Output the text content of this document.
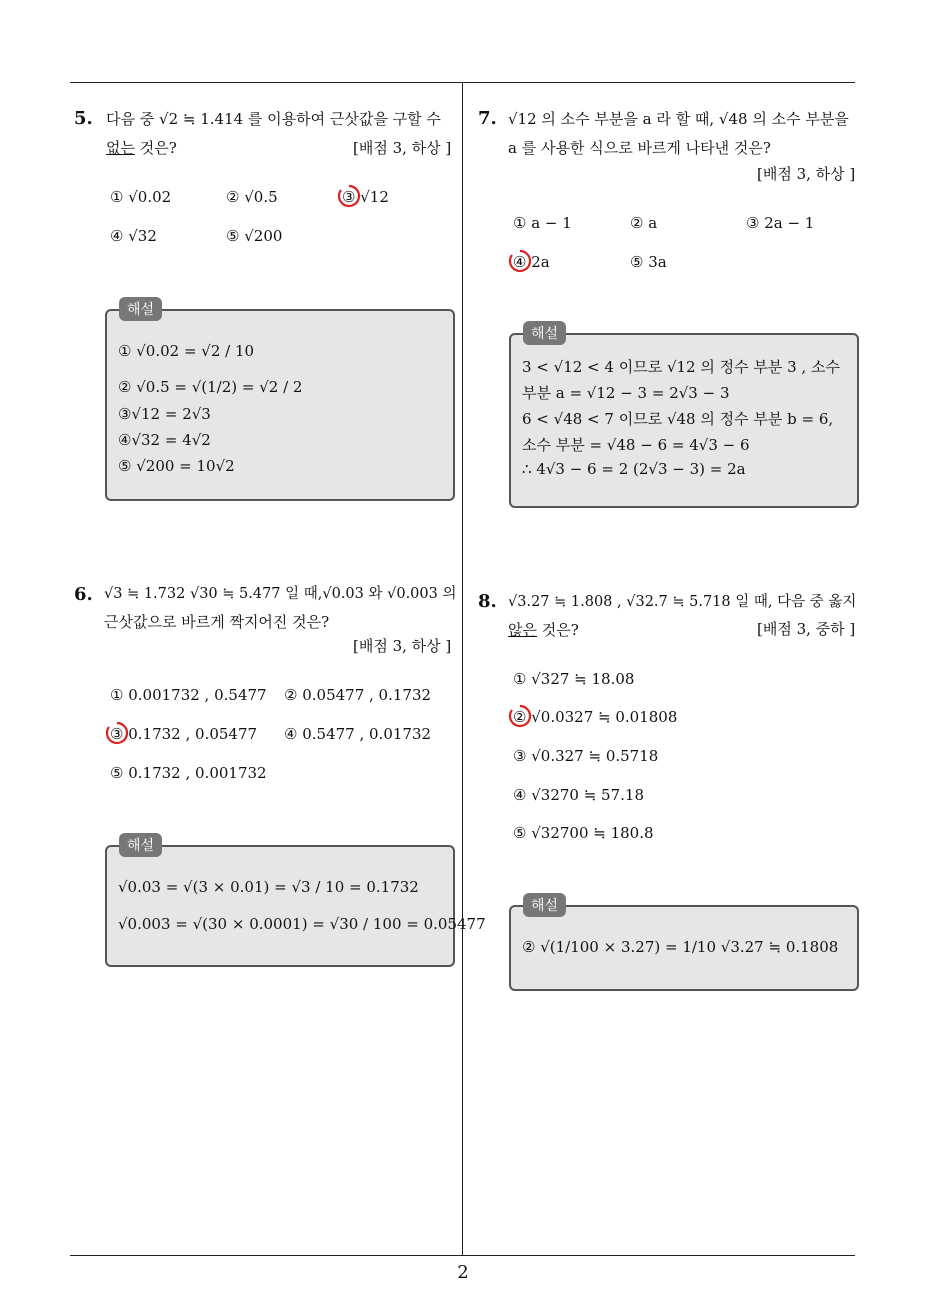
2
5. 다음 중 √2 ≒ 1.414 를 이용하여 근삿값을 구할 수
없는 것은?	[배점 3, 하상 ]
① √0.02	② √0.5	③ √12
④ √32	⑤ √200
해설
① √0.02 = √2 / 10
② √0.5 = √(1/2) = √2 / 2
③√12 = 2√3
④√32 = 4√2
⑤ √200 = 10√2
6. √3 ≒ 1.732 √30 ≒ 5.477 일 때,√0.03 와 √0.003 의
근삿값으로 바르게 짝지어진 것은?
[배점 3, 하상 ]
① 0.001732 , 0.5477 ② 0.05477 , 0.1732
③ 0.1732 , 0.05477 ④ 0.5477 , 0.01732
⑤ 0.1732 , 0.001732
해설
√0.03 = √(3 × 0.01) = √3 / 10 = 0.1732
√0.003 = √(30 × 0.0001) = √30 / 100 = 0.05477
7. √12 의 소수 부분을 a 라 할 때, √48 의 소수 부분을
a 를 사용한 식으로 바르게 나타낸 것은?
[배점 3, 하상 ]
① a − 1	② a	③ 2a − 1
④ 2a	⑤ 3a
해설
3 < √12 < 4 이므로 √12 의 정수 부분 3 , 소수
부분 a = √12 − 3 = 2√3 − 3
6 < √48 < 7 이므로 √48 의 정수 부분 b = 6,
소수 부분 = √48 − 6 = 4√3 − 6
∴ 4√3 − 6 = 2 (2√3 − 3) = 2a
8. √3.27 ≒ 1.808 , √32.7 ≒ 5.718 일 때, 다음 중 옳지
않은 것은?	[배점 3, 중하 ]
① √327 ≒ 18.08
② √0.0327 ≒ 0.01808
③ √0.327 ≒ 0.5718
④ √3270 ≒ 57.18
⑤ √32700 ≒ 180.8
해설
② √(1/100 × 3.27) = 1/10 √3.27 ≒ 0.1808
